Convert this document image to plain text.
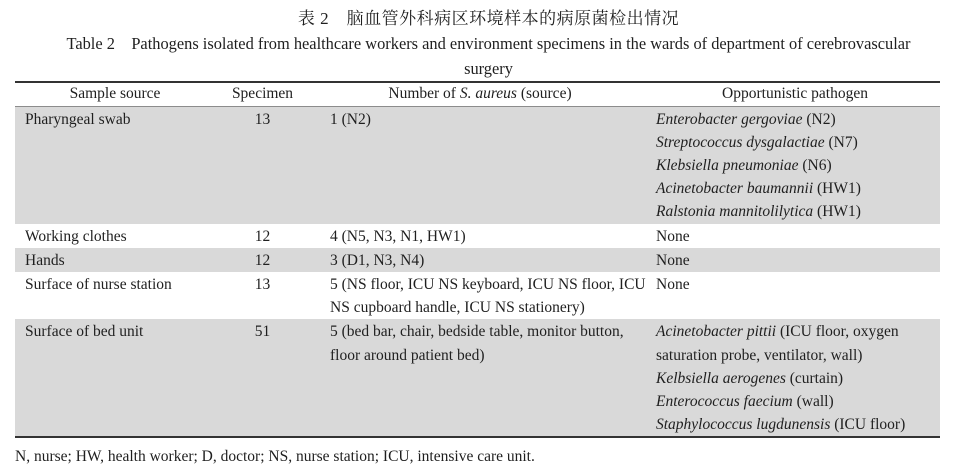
表 2　脑血管外科病区环境样本的病原菌检出情况
Table 2　Pathogens isolated from healthcare workers and environment specimens in the wards of department of cerebrovascular
surgery
Sample source	Specimen	Number of S. aureus (source)	Opportunistic pathogen
Pharyngeal swab	13	1 (N2)	Enterobacter gergoviae (N2)
Streptococcus dysgalactiae (N7)
Klebsiella pneumoniae (N6)
Acinetobacter baumannii (HW1)
Ralstonia mannitolilytica (HW1)

Working clothes	12	4 (N5, N3, N1, HW1)	None

Hands	12	3 (D1, N3, N4)	None

Surface of nurse station	13	5 (NS floor, ICU NS keyboard, ICU NS floor, ICU NS cupboard handle, ICU NS stationery)	None

Surface of bed unit	51	5 (bed bar, chair, bedside table, monitor button, floor around patient bed)	Acinetobacter pittii (ICU floor, oxygen saturation probe, ventilator, wall)
Kelbsiella aerogenes (curtain)
Enterococcus faecium (wall)
Staphylococcus lugdunensis (ICU floor)
N, nurse; HW, health worker; D, doctor; NS, nurse station; ICU, intensive care unit.
